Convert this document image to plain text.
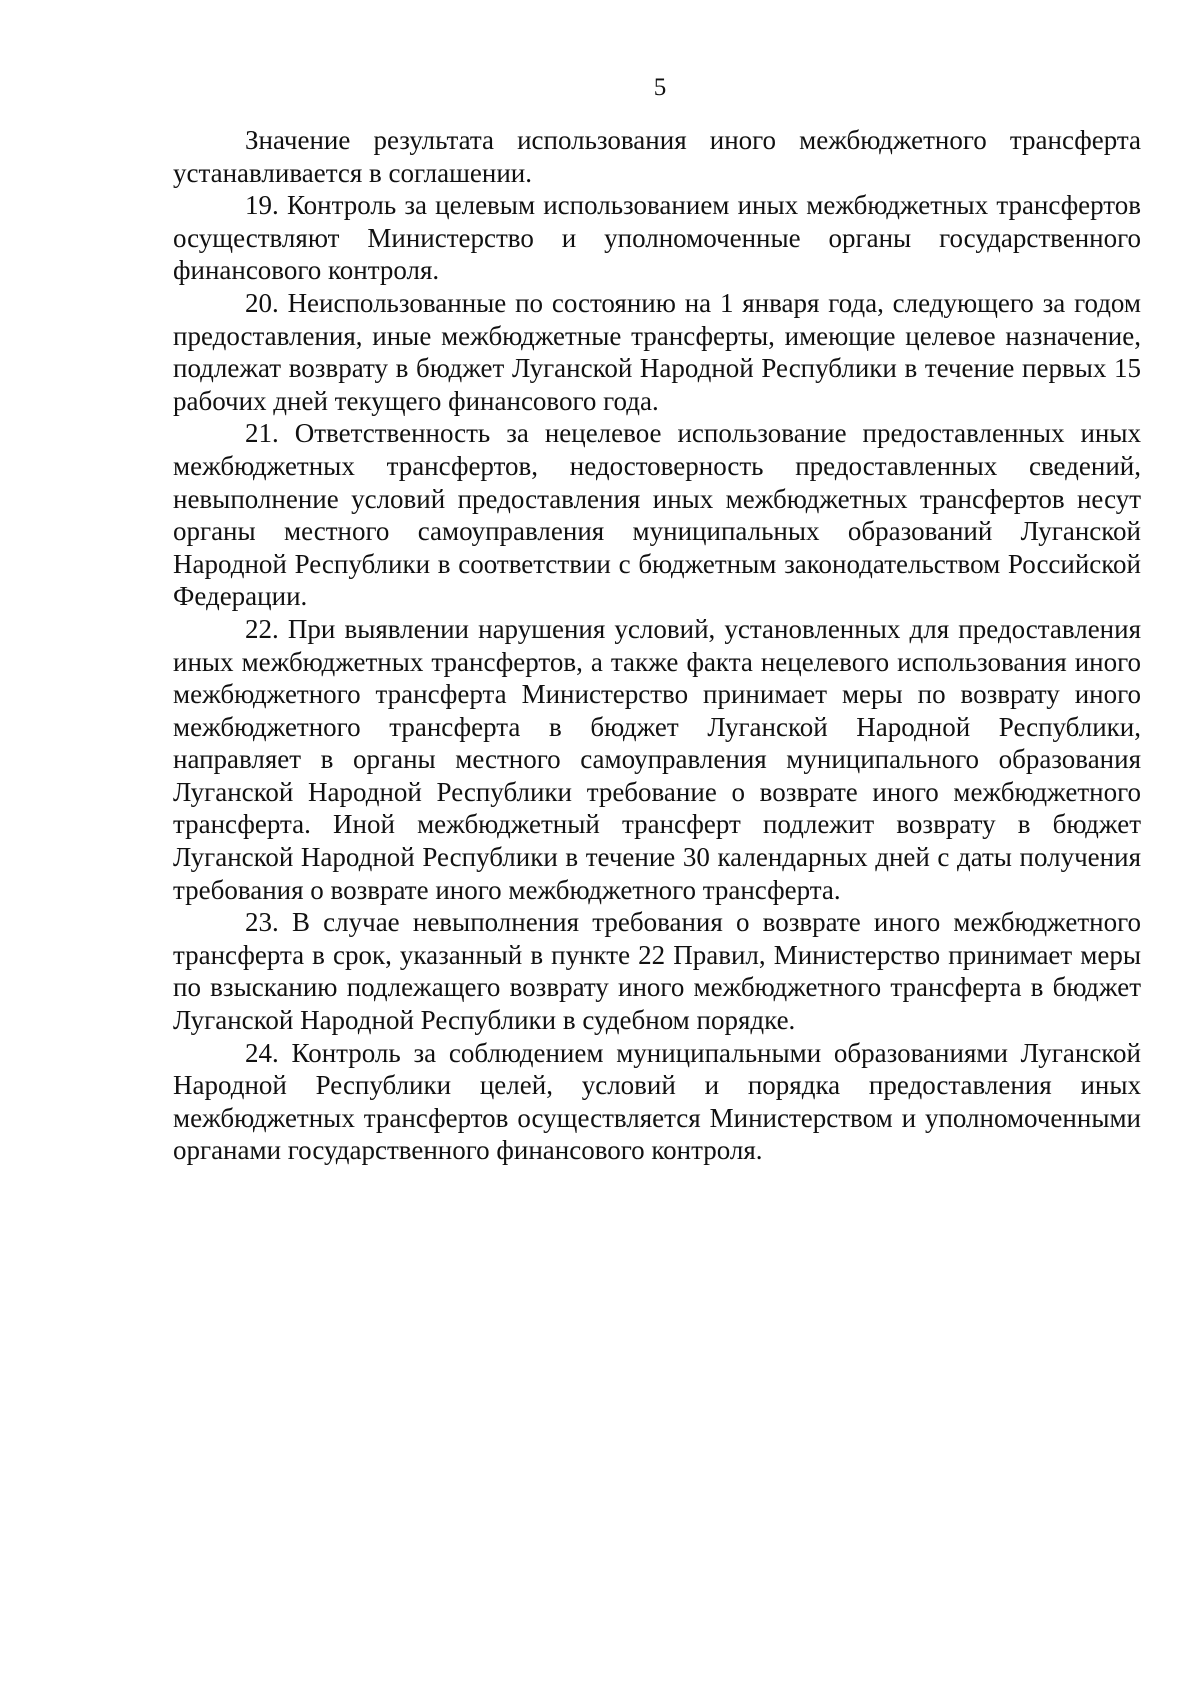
5

Значение результата использования иного межбюджетного трансферта устанавливается в соглашении.

19. Контроль за целевым использованием иных межбюджетных трансфертов осуществляют Министерство и уполномоченные органы государственного финансового контроля.

20. Неиспользованные по состоянию на 1 января года, следующего за годом предоставления, иные межбюджетные трансферты, имеющие целевое назначение, подлежат возврату в бюджет Луганской Народной Республики в течение первых 15 рабочих дней текущего финансового года.

21. Ответственность за нецелевое использование предоставленных иных межбюджетных трансфертов, недостоверность предоставленных сведений, невыполнение условий предоставления иных межбюджетных трансфертов несут органы местного самоуправления муниципальных образований Луганской Народной Республики в соответствии с бюджетным законодательством Российской Федерации.

22. При выявлении нарушения условий, установленных для предоставления иных межбюджетных трансфертов, а также факта нецелевого использования иного межбюджетного трансферта Министерство принимает меры по возврату иного межбюджетного трансферта в бюджет Луганской Народной Республики, направляет в органы местного самоуправления муниципального образования Луганской Народной Республики требование о возврате иного межбюджетного трансферта. Иной межбюджетный трансферт подлежит возврату в бюджет Луганской Народной Республики в течение 30 календарных дней с даты получения требования о возврате иного межбюджетного трансферта.

23. В случае невыполнения требования о возврате иного межбюджетного трансферта в срок, указанный в пункте 22 Правил, Министерство принимает меры по взысканию подлежащего возврату иного межбюджетного трансферта в бюджет Луганской Народной Республики в судебном порядке.

24. Контроль за соблюдением муниципальными образованиями Луганской Народной Республики целей, условий и порядка предоставления иных межбюджетных трансфертов осуществляется Министерством и уполномоченными органами государственного финансового контроля.
